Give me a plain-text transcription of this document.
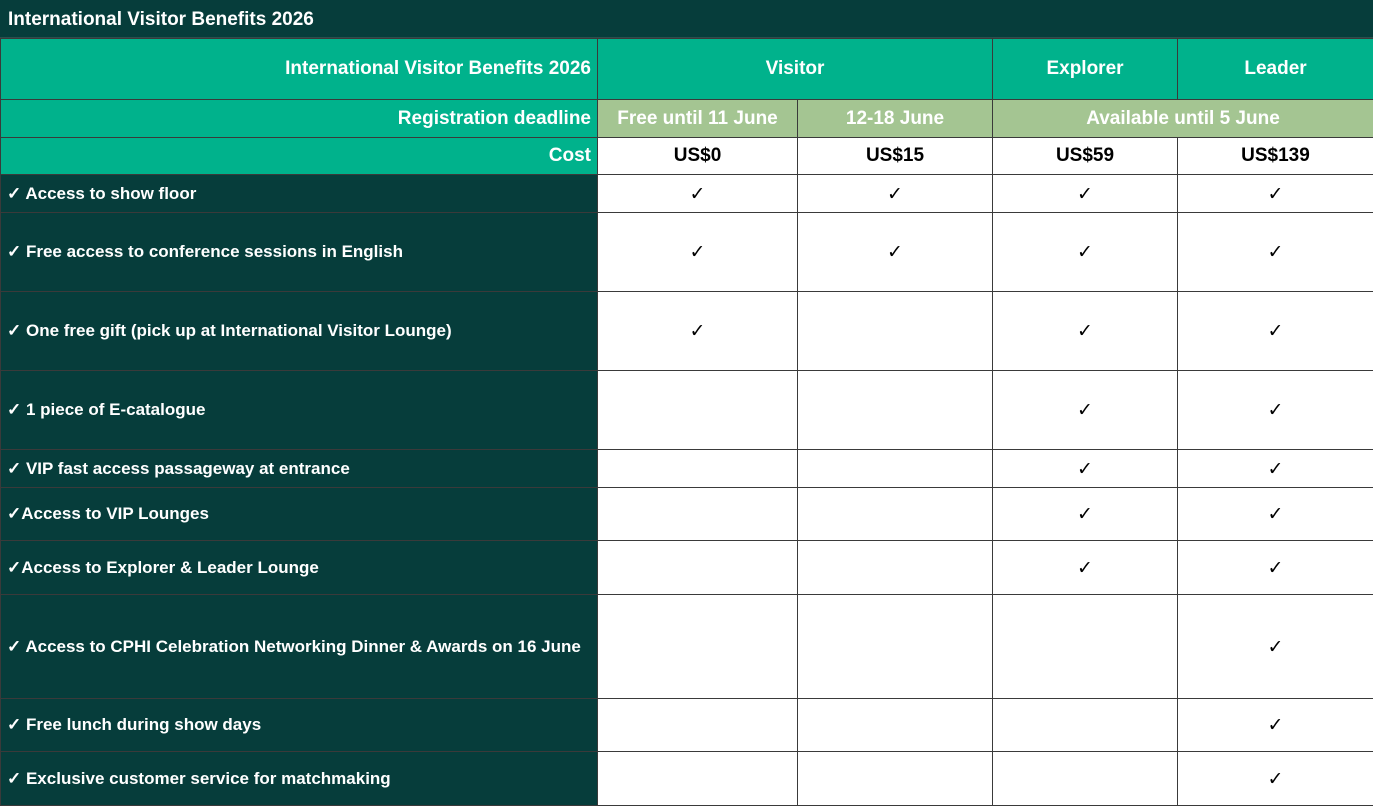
International Visitor Benefits 2026
International Visitor Benefits 2026	Visitor		Explorer	Leader
Registration deadline	Free until 11 June	12-18 June	Available until 5 June	
Cost	US$0	US$15	US$59	US$139
✓ Access to show floor	✓	✓	✓	✓
✓ Free access to conference sessions in English	✓	✓	✓	✓
✓ One free gift (pick up at International Visitor Lounge)	✓		✓	✓
✓ 1 piece of E-catalogue			✓	✓
✓ VIP fast access passageway at entrance			✓	✓
✓Access to VIP Lounges			✓	✓
✓Access to Explorer & Leader Lounge			✓	✓
✓ Access to CPHI Celebration Networking Dinner & Awards on 16 June				✓
✓ Free lunch during show days				✓
✓ Exclusive customer service for matchmaking				✓
